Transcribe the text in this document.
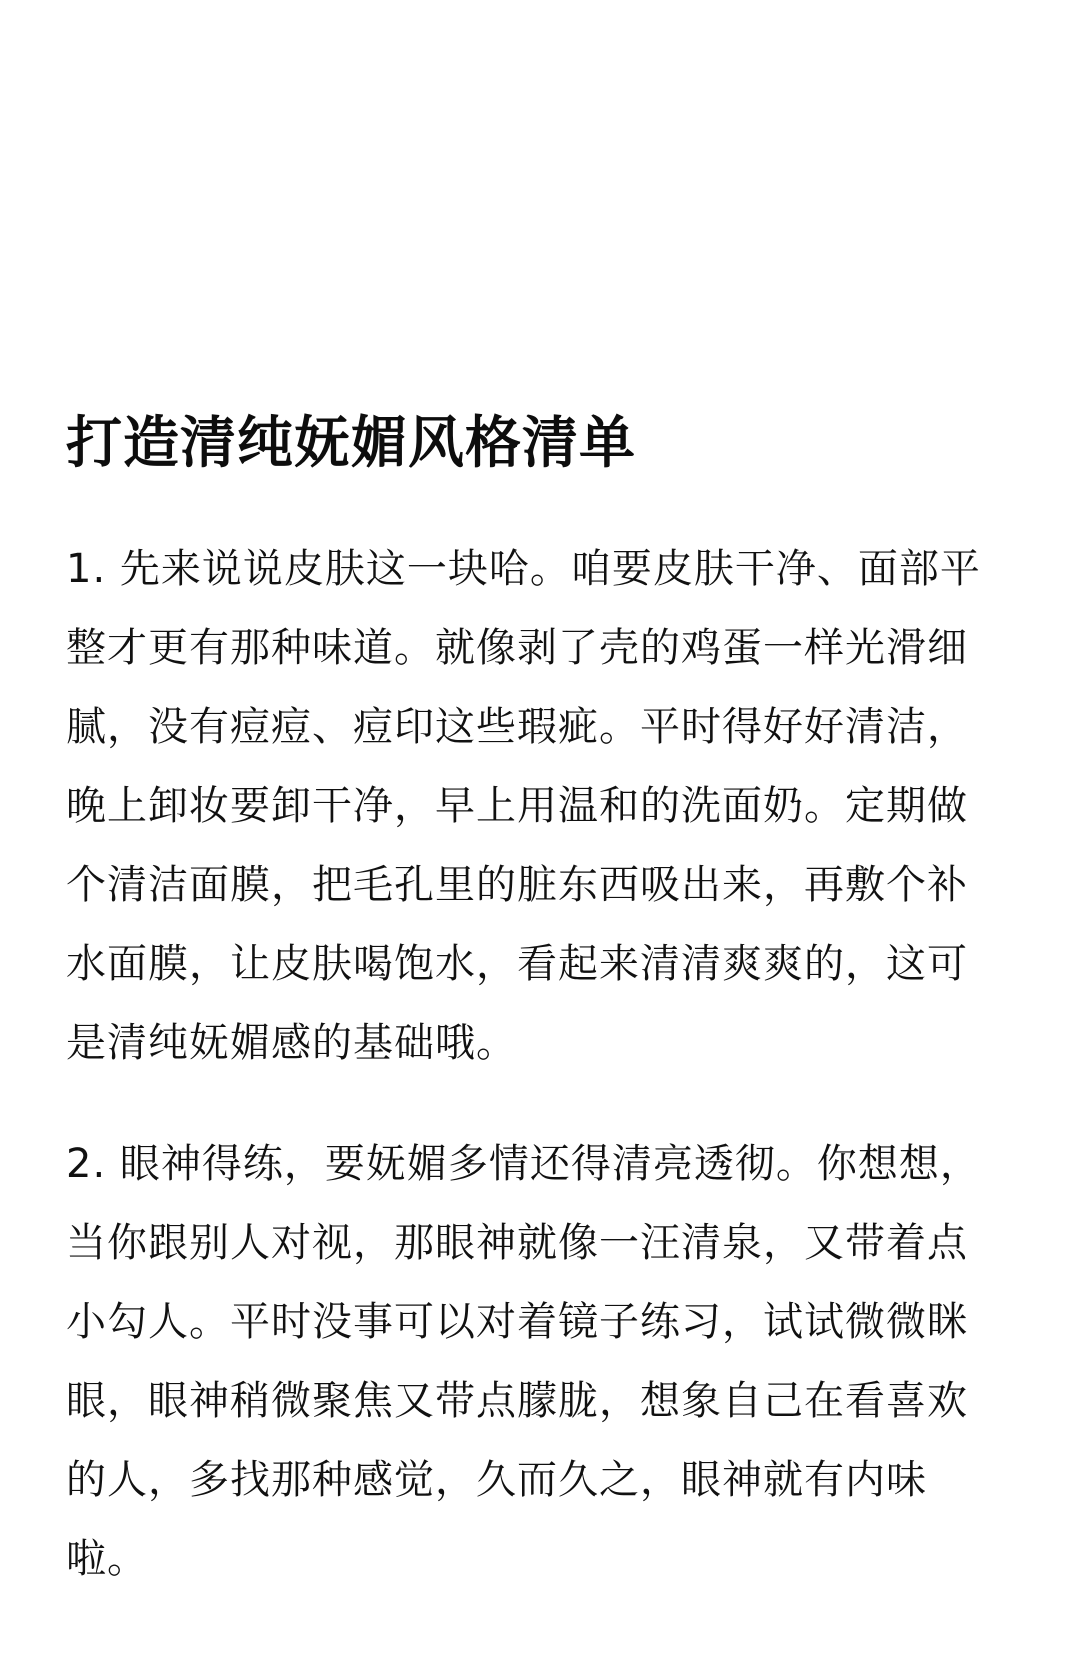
打造清纯妩媚风格清单

1. 先来说说皮肤这一块哈。咱要皮肤干净、面部平整才更有那种味道。就像剥了壳的鸡蛋一样光滑细腻，没有痘痘、痘印这些瑕疵。平时得好好清洁，晚上卸妆要卸干净，早上用温和的洗面奶。定期做个清洁面膜，把毛孔里的脏东西吸出来，再敷个补水面膜，让皮肤喝饱水，看起来清清爽爽的，这可是清纯妩媚感的基础哦。

2. 眼神得练，要妩媚多情还得清亮透彻。你想想，当你跟别人对视，那眼神就像一汪清泉，又带着点小勾人。平时没事可以对着镜子练习，试试微微眯眼，眼神稍微聚焦又带点朦胧，想象自己在看喜欢的人，多找那种感觉，久而久之，眼神就有内味啦。
